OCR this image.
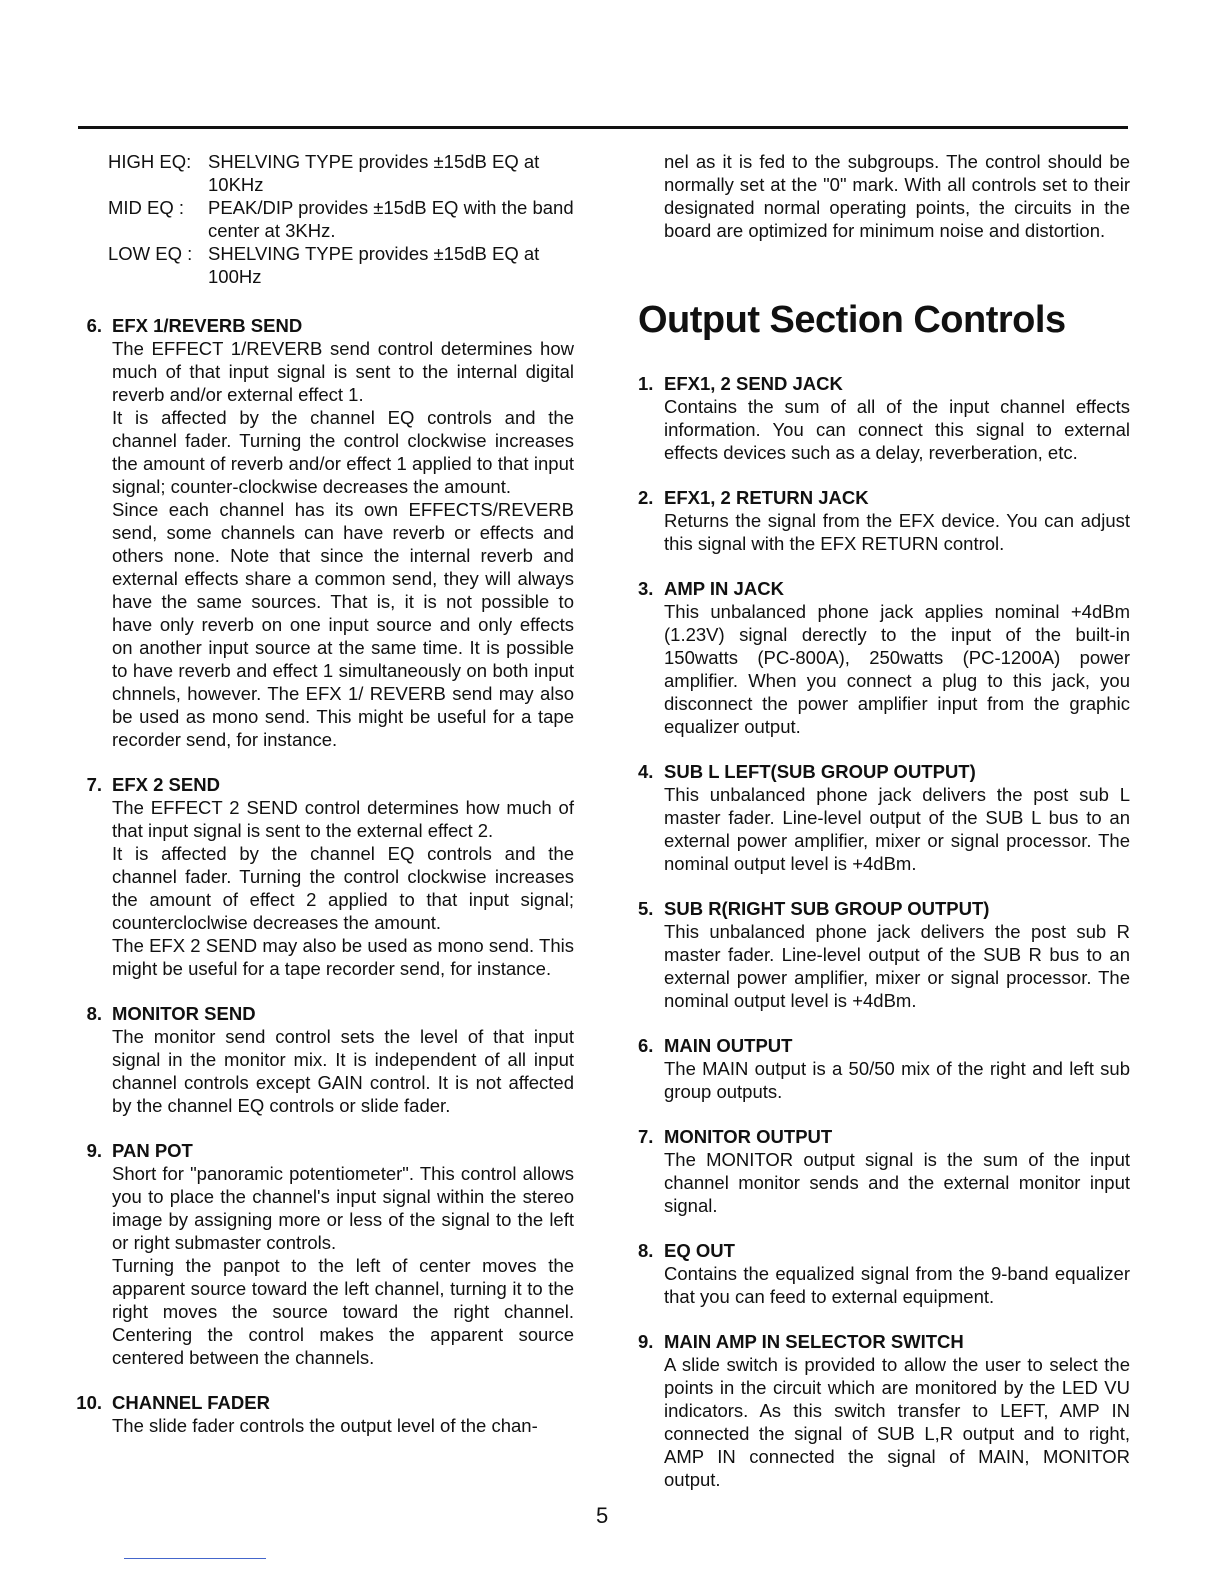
HIGH EQ: SHELVING TYPE provides ±15dB EQ at 10KHz
MID EQ :	PEAK/DIP provides ±15dB EQ with the band center at 3KHz.
LOW EQ : SHELVING TYPE provides ±15dB EQ at 100Hz
6. EFX 1/REVERB SEND

The EFFECT 1/REVERB send control determines how much of that input signal is sent to the internal digital reverb and/or external effect 1.

It is affected by the channel EQ controls and the channel fader. Turning the control clockwise increases the amount of reverb and/or effect 1 applied to that input signal; counter-clockwise decreases the amount.

Since each channel has its own EFFECTS/REVERB send, some channels can have reverb or effects and others none. Note that since the internal reverb and external effects share a common send, they will always have the same sources. That is, it is not possible to have only reverb on one input source and only effects on another input source at the same time. It is possible to have reverb and effect 1 simultaneously on both input chnnels, however. The EFX 1/ REVERB send may also be used as mono send. This might be useful for a tape recorder send, for instance.

7. EFX 2 SEND

The EFFECT 2 SEND control determines how much of that input signal is sent to the external effect 2.

It is affected by the channel EQ controls and the channel fader. Turning the control clockwise increases the amount of effect 2 applied to that input signal; countercloclwise decreases the amount.

The EFX 2 SEND may also be used as mono send. This might be useful for a tape recorder send, for instance.

8. MONITOR SEND

The monitor send control sets the level of that input signal in the monitor mix. It is independent of all input channel controls except GAIN control. It is not affected by the channel EQ controls or slide fader.

9. PAN POT

Short for "panoramic potentiometer". This control allows you to place the channel's input signal within the stereo image by assigning more or less of the signal to the left or right submaster controls.

Turning the panpot to the left of center moves the apparent source toward the left channel, turning it to the right moves the source toward the right channel. Centering the control makes the apparent source centered between the channels.

10. CHANNEL FADER

The slide fader controls the output level of the chan-

nel as it is fed to the subgroups. The control should be normally set at the "0" mark. With all controls set to their designated normal operating points, the circuits in the board are optimized for minimum noise and distortion.

Output Section Controls
1. EFX1, 2 SEND JACK

Contains the sum of all of the input channel effects information. You can connect this signal to external effects devices such as a delay, reverberation, etc.

2. EFX1, 2 RETURN JACK

Returns the signal from the EFX device. You can adjust this signal with the EFX RETURN control.

3. AMP IN JACK

This unbalanced phone jack applies nominal +4dBm (1.23V) signal derectly to the input of the built-in 150watts (PC-800A), 250watts (PC-1200A) power amplifier. When you connect a plug to this jack, you disconnect the power amplifier input from the graphic equalizer output.

4. SUB L LEFT(SUB GROUP OUTPUT)

This unbalanced phone jack delivers the post sub L master fader. Line-level output of the SUB L bus to an external power amplifier, mixer or signal processor. The nominal output level is +4dBm.

5. SUB R(RIGHT SUB GROUP OUTPUT)

This unbalanced phone jack delivers the post sub R master fader. Line-level output of the SUB R bus to an external power amplifier, mixer or signal processor. The nominal output level is +4dBm.

6. MAIN OUTPUT

The MAIN output is a 50/50 mix of the right and left sub group outputs.

7. MONITOR OUTPUT

The MONITOR output signal is the sum of the input channel monitor sends and the external monitor input signal.

8. EQ OUT

Contains the equalized signal from the 9-band equalizer that you can feed to external equipment.

9. MAIN AMP IN SELECTOR SWITCH

A slide switch is provided to allow the user to select the points in the circuit which are monitored by the LED VU indicators. As this switch transfer to LEFT, AMP IN connected the signal of SUB L,R output and to right, AMP IN connected the signal of MAIN, MONITOR output.

5
